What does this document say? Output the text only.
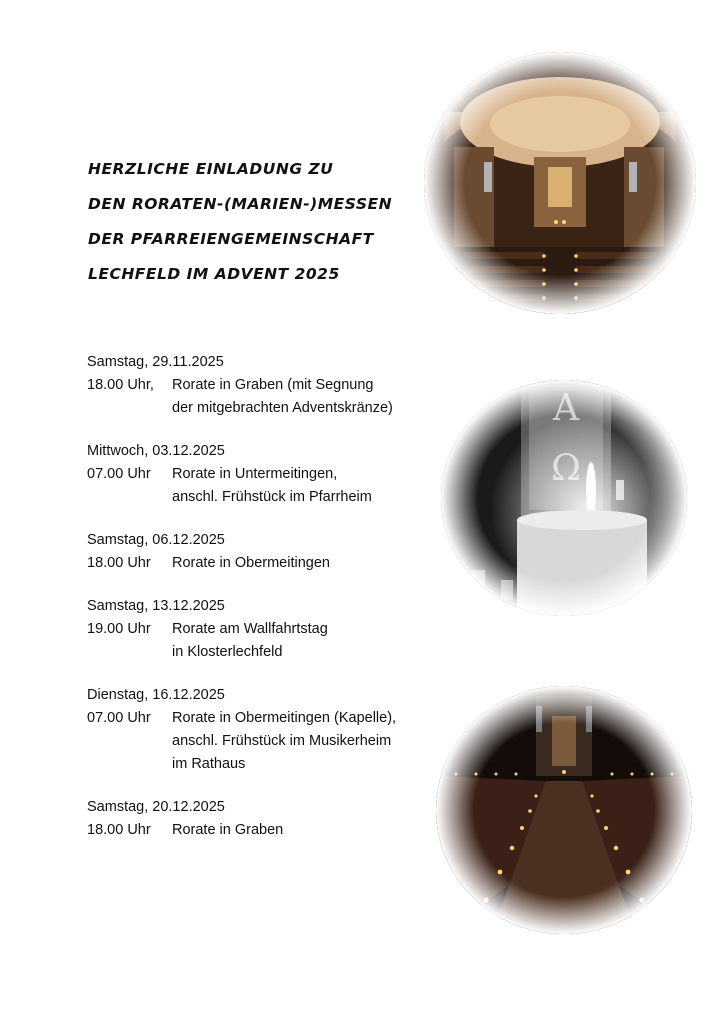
HERZLICHE EINLADUNG ZU
DEN RORATEN-(MARIEN-)MESSEN
DER PFARREIENGEMEINSCHAFT
LECHFELD IM ADVENT 2025
Samstag, 29.11.2025
18.00 Uhr,	Rorate in Graben (mit Segnung
der mitgebrachten Adventskränze)
Mittwoch, 03.12.2025
07.00 Uhr	Rorate in Untermeitingen,
anschl. Frühstück im Pfarrheim
Samstag, 06.12.2025
18.00 Uhr	Rorate in Obermeitingen
Samstag, 13.12.2025
19.00 Uhr	Rorate am Wallfahrtstag
in Klosterlechfeld
Dienstag, 16.12.2025
07.00 Uhr	Rorate in Obermeitingen (Kapelle),
anschl. Frühstück im Musikerheim
im Rathaus
Samstag, 20.12.2025
18.00 Uhr	Rorate in Graben
